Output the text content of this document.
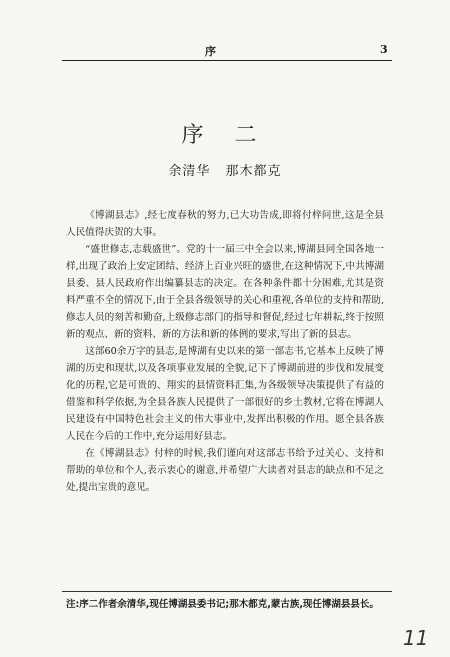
序	3
序 二
余清华 那木都克

《博湖县志》,经七度春秋的努力,已大功告成,即将付梓问世,这是全县人民值得庆贺的大事。

“盛世修志,志载盛世”。党的十一届三中全会以来,博湖县同全国各地一样,出现了政治上安定团结、经济上百业兴旺的盛世,在这种情况下,中共博湖县委、县人民政府作出编纂县志的决定。在各种条件都十分困难,尤其是资料严重不全的情况下,由于全县各级领导的关心和重视,各单位的支持和帮助,修志人员的刻苦和勤奋,上级修志部门的指导和督促,经过七年耕耘,终于按照新的观点、新的资料、新的方法和新的体例的要求,写出了新的县志。

这部60余万字的县志,是博湖有史以来的第一部志书,它基本上反映了博湖的历史和现状,以及各项事业发展的全貌,记下了博湖前进的步伐和发展变化的历程,它是可贵的、翔实的县情资料汇集,为各级领导决策提供了有益的借鉴和科学依据,为全县各族人民提供了一部很好的乡土教材,它将在博湖人民建设有中国特色社会主义的伟大事业中,发挥出积极的作用。愿全县各族人民在今后的工作中,充分运用好县志。

在《博湖县志》付梓的时候,我们谨向对这部志书给予过关心、支持和帮助的单位和个人,表示衷心的谢意,并希望广大读者对县志的缺点和不足之处,提出宝贵的意见。

注:序二作者余清华,现任博湖县委书记;那木都克,蒙古族,现任博湖县县长。
11
